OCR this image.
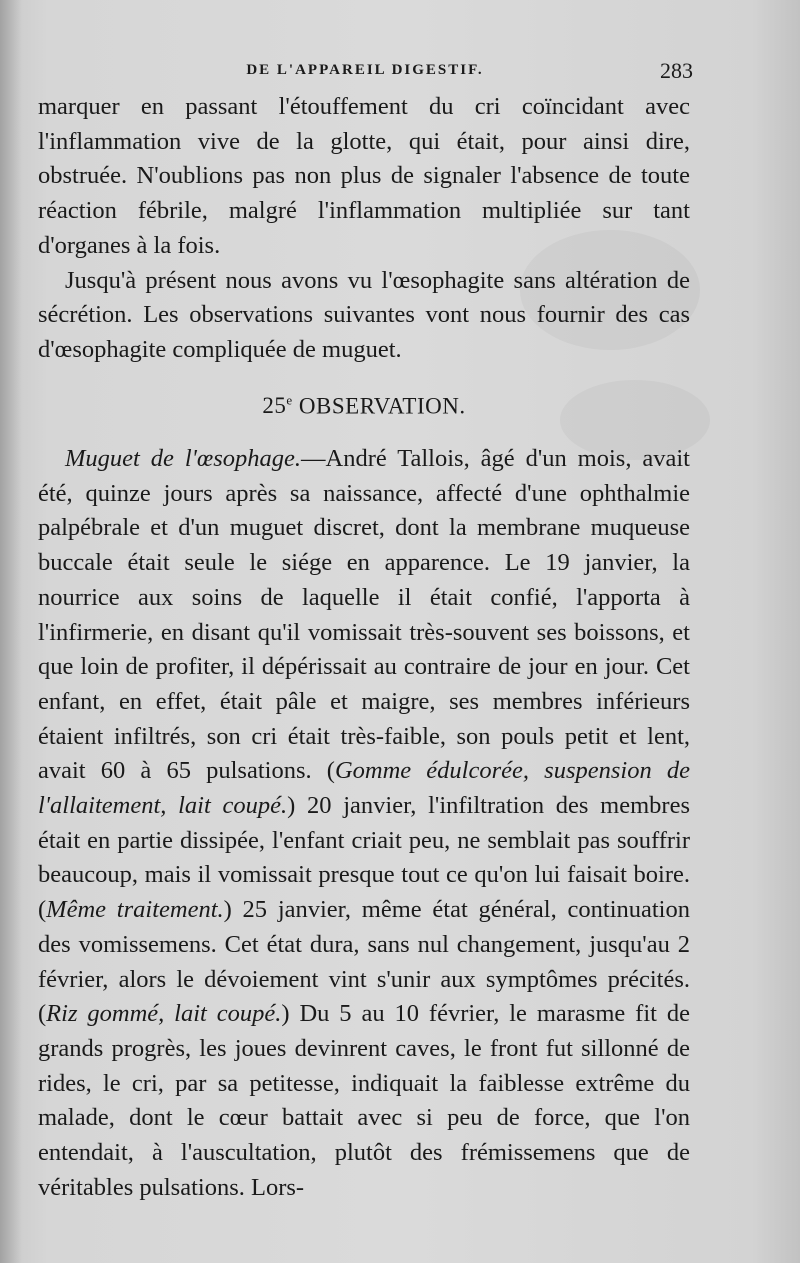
DE L'APPAREIL DIGESTIF.	283

marquer en passant l'étouffement du cri coïncidant avec l'inflammation vive de la glotte, qui était, pour ainsi dire, obstruée. N'oublions pas non plus de signaler l'absence de toute réaction fébrile, malgré l'inflammation multipliée sur tant d'organes à la fois.

Jusqu'à présent nous avons vu l'œsophagite sans altération de sécrétion. Les observations suivantes vont nous fournir des cas d'œsophagite compliquée de muguet.

25e OBSERVATION.

Muguet de l'œsophage.—André Tallois, âgé d'un mois, avait été, quinze jours après sa naissance, affecté d'une ophthalmie palpébrale et d'un muguet discret, dont la membrane muqueuse buccale était seule le siége en apparence. Le 19 janvier, la nourrice aux soins de laquelle il était confié, l'apporta à l'infirmerie, en disant qu'il vomissait très-souvent ses boissons, et que loin de profiter, il dépérissait au contraire de jour en jour. Cet enfant, en effet, était pâle et maigre, ses membres inférieurs étaient infiltrés, son cri était très-faible, son pouls petit et lent, avait 60 à 65 pulsations. (Gomme édulcorée, suspension de l'allaitement, lait coupé.) 20 janvier, l'infiltration des membres était en partie dissipée, l'enfant criait peu, ne semblait pas souffrir beaucoup, mais il vomissait presque tout ce qu'on lui faisait boire. (Même traitement.) 25 janvier, même état général, continuation des vomissemens. Cet état dura, sans nul changement, jusqu'au 2 février, alors le dévoiement vint s'unir aux symptômes précités. (Riz gommé, lait coupé.) Du 5 au 10 février, le marasme fit de grands progrès, les joues devinrent caves, le front fut sillonné de rides, le cri, par sa petitesse, indiquait la faiblesse extrême du malade, dont le cœur battait avec si peu de force, que l'on entendait, à l'auscultation, plutôt des frémissemens que de véritables pulsations. Lors-
